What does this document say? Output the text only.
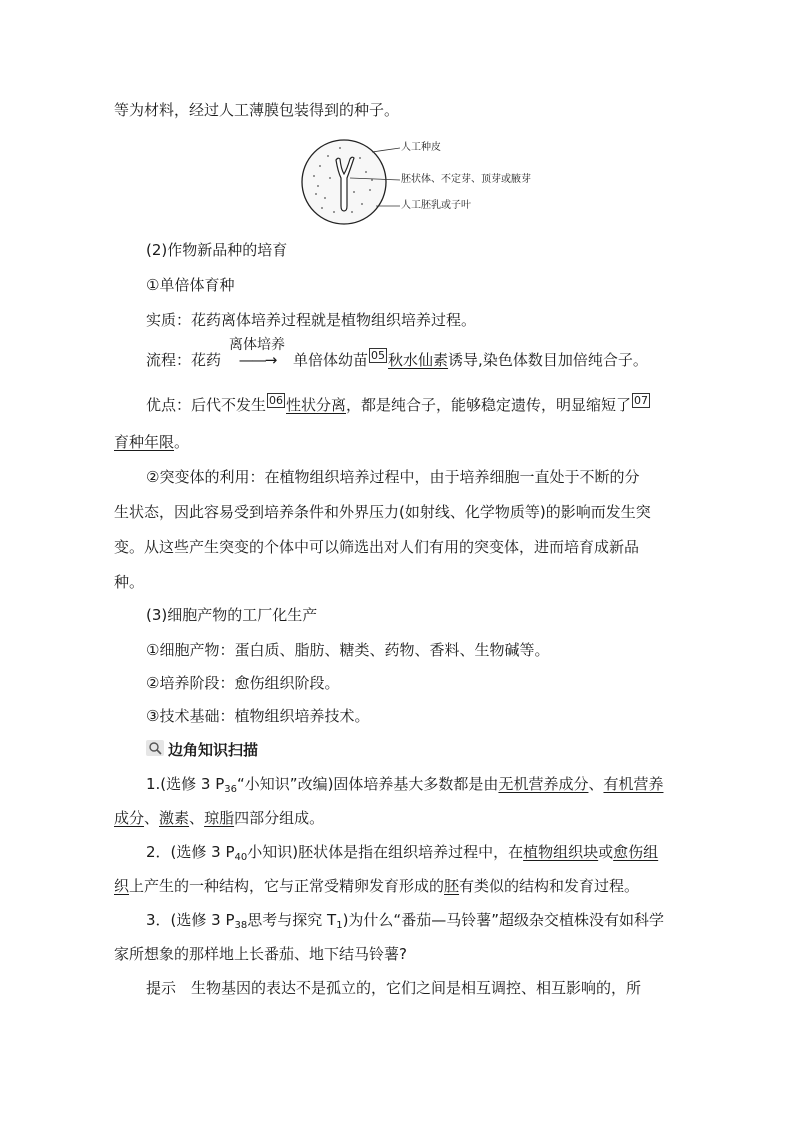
等为材料，经过人工薄膜包装得到的种子。
人工种皮
胚状体、不定芽、顶芽或腋芽
人工胚乳或子叶
(2)作物新品种的培育
①单倍体育种
实质：花药离体培养过程就是植物组织培养过程。
流程：花药
离体培养
——→ 单倍体幼苗 05 秋水仙素诱导,染色体数目加倍纯合子。
优点：后代不发生 06 性状分离，都是纯合子，能够稳定遗传，明显缩短了 07
育种年限。
②突变体的利用：在植物组织培养过程中，由于培养细胞一直处于不断的分
生状态，因此容易受到培养条件和外界压力(如射线、化学物质等)的影响而发生突
变。从这些产生突变的个体中可以筛选出对人们有用的突变体，进而培育成新品
种。
(3)细胞产物的工厂化生产
①细胞产物：蛋白质、脂肪、糖类、药物、香料、生物碱等。
②培养阶段：愈伤组织阶段。
③技术基础：植物组织培养技术。
边角知识扫描
1.(选修 3 $P_{36}“$小知识”改编)固体培养基大多数都是由无机营养成分、有机营养
成分、激素、琼脂四部分组成。
2．(选修 3 $P_{40}$小知识)胚状体是指在组织培养过程中，在植物组织块或愈伤组
织上产生的一种结构，它与正常受精卵发育形成的胚有类似的结构和发育过程。
3．(选修 3 $P_{38}$思考与探究 $T_1$)为什么“番茄—马铃薯”超级杂交植株没有如科学
家所想象的那样地上长番茄、地下结马铃薯?
提示　生物基因的表达不是孤立的，它们之间是相互调控、相互影响的，所
